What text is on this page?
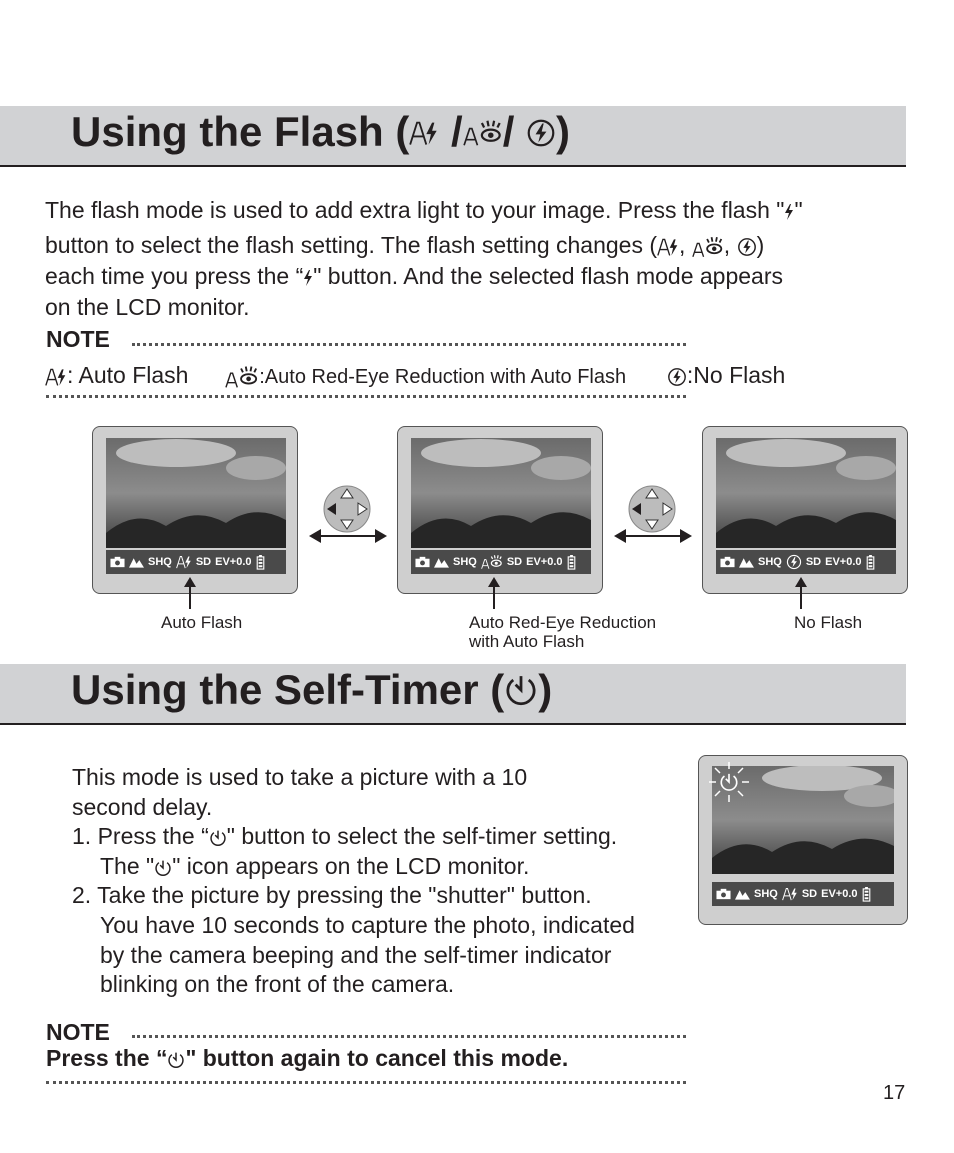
Using the Flash ( / / )
The flash mode is used to add extra light to your image. Press the flash " "
button to select the flash setting. The flash setting changes ( , , )
each time you press the “ " button. And the selected flash mode appears
on the LCD monitor.
NOTE
: Auto Flash	:Auto Red-Eye Reduction with Auto Flash	:No Flash
SHQ SD EV+0.0	SHQ	SD EV+0.0	SHQ SD EV+0.0
Auto Flash	Auto Red-Eye Reduction
with Auto Flash
No Flash
Using the Self-Timer ( )
This mode is used to take a picture with a 10
second delay.
1. Press the “ " button to select the self-timer setting.
The " " icon appears on the LCD monitor.
2. Take the picture by pressing the "shutter" button.
You have 10 seconds to capture the photo, indicated
by the camera beeping and the self-timer indicator
blinking on the front of the camera.
SHQ SD EV+0.0
NOTE
Press the “ " button again to cancel this mode.
17
